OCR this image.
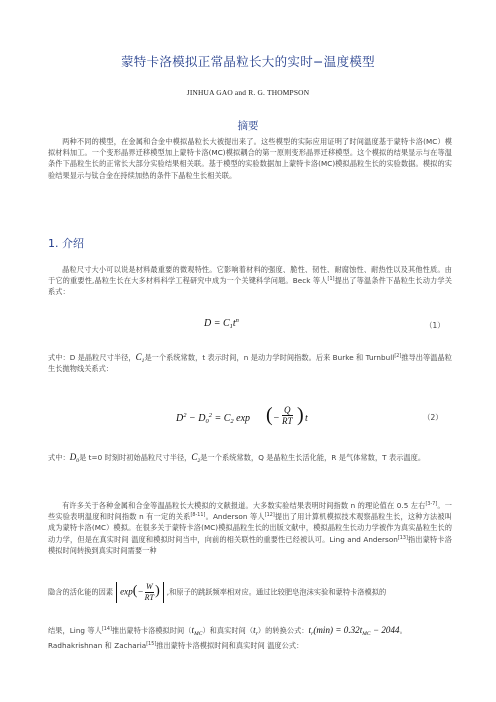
蒙特卡洛模拟正常晶粒长大的实时−温度模型
JINHUA GAO and R. G. THOMPSON
摘要
两种不同的模型，在金属和合金中模拟晶粒长大被提出来了。这些模型的实际应用证明了时间温度基于蒙特卡洛(MC）模拟材料加工。一个变形晶界迁移模型加上蒙特卡洛(MC)模拟耦合的第一原则变形晶界迁移模型。这个模拟的结果显示与在等温条件下晶粒生长的正常长大部分实验结果相关联。基于模型的实验数据加上蒙特卡洛(MC)模拟晶粒生长的实验数据。模拟的实验结果显示与钛合金在持续加热的条件下晶粒生长相关联。
1. 介绍
晶粒尺寸大小可以说是材料最重要的微观特性。它影响着材料的强度、脆性、韧性、耐腐蚀性、耐热性以及其他性质。由于它的重要性,晶粒生长在大多材料科学工程研究中成为一个关键科学问题。Beck 等人[1]提出了等温条件下晶粒生长动力学关系式：
$D = C_1t^n$
（1）
式中：D 是晶粒尺寸半径，$C_1$是一个系统常数，t 表示时间，n 是动力学时间指数。后来 Burke 和 Turnbull[2]推导出等温晶粒生长抛物线关系式：
$D^2 - D_0^2 = C_2$ exp ( − $\frac{Q}{RT}$ ) t	（2）
式中：$D_0$是 t=0 时刻时初始晶粒尺寸半径，$C_2$是一个系统常数，Q 是晶粒生长活化能，R 是气体常数，T 表示温度。
有许多关于各种金属和合金等温晶粒长大模拟的文献报道。大多数实验结果表明时间指数 n 的理论值在 0.5 左右[3-7]。一些实验表明温度和时间指数 n 有一定的关系[8-11]。Anderson 等人[12]提出了用计算机模拟技术观察晶粒生长，这种方法被叫成为蒙特卡洛(MC）模拟。在很多关于蒙特卡洛(MC)模拟晶粒生长的出版文献中，模拟晶粒生长动力学被作为真实晶粒生长的动力学，但是在真实时间 温度和模拟时间当中，向前的相关联性的重要性已经被认可。Ling and Anderson[13]指出蒙特卡洛模拟时间转换到真实时间需要一种
隐含的活化能的因素 $\exp(- \frac{W}{RT}$ ) ,和原子的跳跃频率相对应。通过比较肥皂泡沫实验和蒙特卡洛模拟的
结果，Ling 等人[14]推出蒙特卡洛模拟时间$(t_{MC})$和真实时间$(t_r)$的转换公式：$t_r(\min) = 0.32t_{MC} - 2044$。
Radhakrishnan 和 Zacharia[15]推出蒙特卡洛模拟时间和真实时间 温度公式：
